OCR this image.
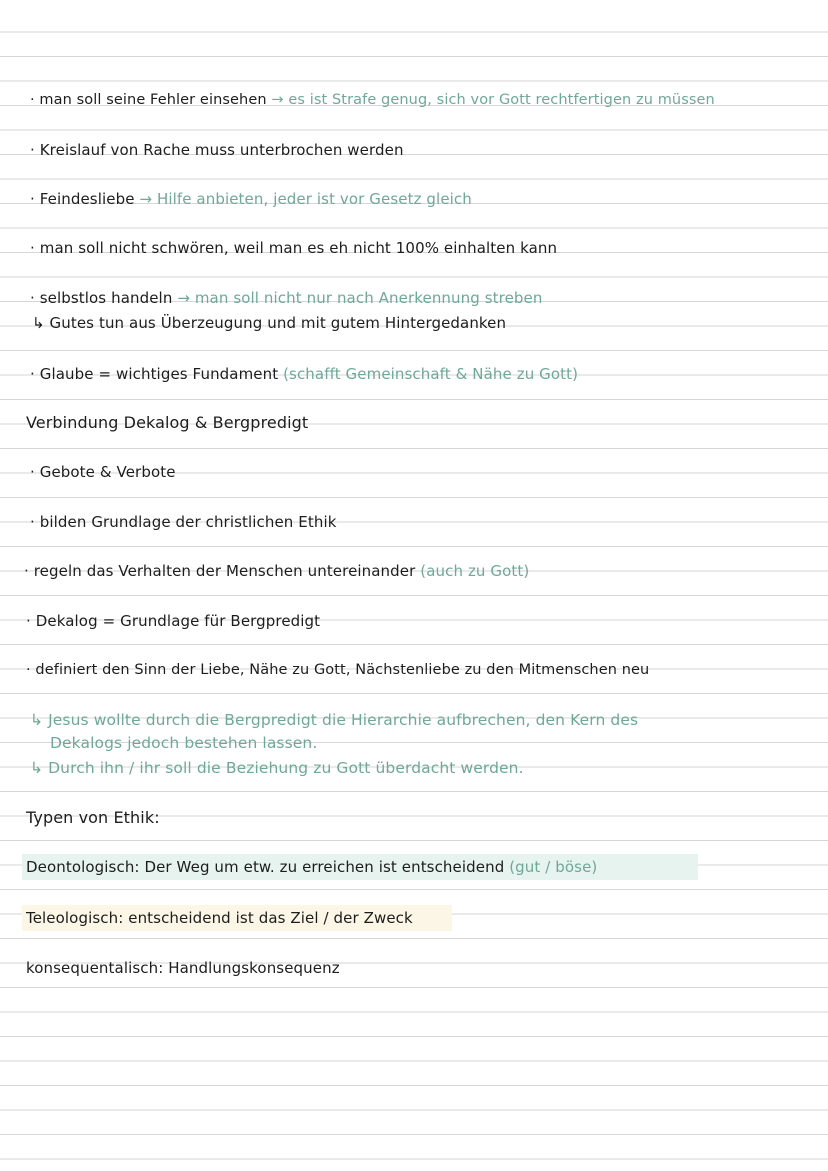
· man soll seine Fehler einsehen → es ist Strafe genug, sich vor Gott rechtfertigen zu müssen
· Kreislauf von Rache muss unterbrochen werden
· Feindesliebe → Hilfe anbieten, jeder ist vor Gesetz gleich
· man soll nicht schwören, weil man es eh nicht 100% einhalten kann
· selbstlos handeln → man soll nicht nur nach Anerkennung streben
↳ Gutes tun aus Überzeugung und mit gutem Hintergedanken
· Glaube = wichtiges Fundament (schafft Gemeinschaft & Nähe zu Gott)
Verbindung Dekalog & Bergpredigt
· Gebote & Verbote
· bilden Grundlage der christlichen Ethik
· regeln das Verhalten der Menschen untereinander (auch zu Gott)
· Dekalog = Grundlage für Bergpredigt
· definiert den Sinn der Liebe, Nähe zu Gott, Nächstenliebe zu den Mitmenschen neu
↳ Jesus wollte durch die Bergpredigt die Hierarchie aufbrechen, den Kern des
Dekalogs jedoch bestehen lassen.
↳ Durch ihn / ihr soll die Beziehung zu Gott überdacht werden.
Typen von Ethik:
Deontologisch: Der Weg um etw. zu erreichen ist entscheidend (gut / böse)
Teleologisch: entscheidend ist das Ziel / der Zweck
konsequentalisch: Handlungskonsequenz
